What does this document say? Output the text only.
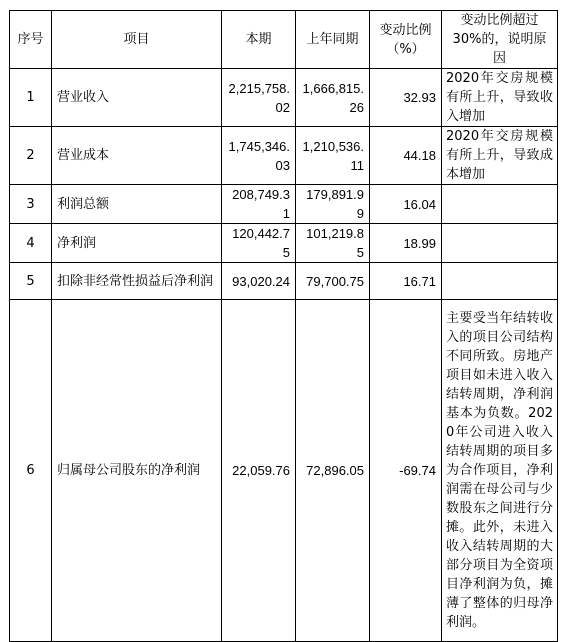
序号	项目	本期	上年同期	变动比例（%）	变动比例超过30%的，说明原因
1	营业收入	2,215,758.02	1,666,815.26	32.93	2020年交房规模有所上升，导致收入增加
2	营业成本	1,745,346.03	1,210,536.11	44.18	2020年交房规模有所上升，导致成本增加
3	利润总额	208,749.31	179,891.99	16.04	
4	净利润	120,442.75	101,219.85	18.99	
5	扣除非经常性损益后净利润	93,020.24	79,700.75	16.71	
6	归属母公司股东的净利润	22,059.76	72,896.05	-69.74	主要受当年结转收入的项目公司结构不同所致。房地产项目如未进入收入结转周期，净利润基本为负数。2020年公司进入收入结转周期的项目多为合作项目，净利润需在母公司与少数股东之间进行分摊。此外，未进入收入结转周期的大部分项目为全资项目净利润为负，摊薄了整体的归母净利润。
